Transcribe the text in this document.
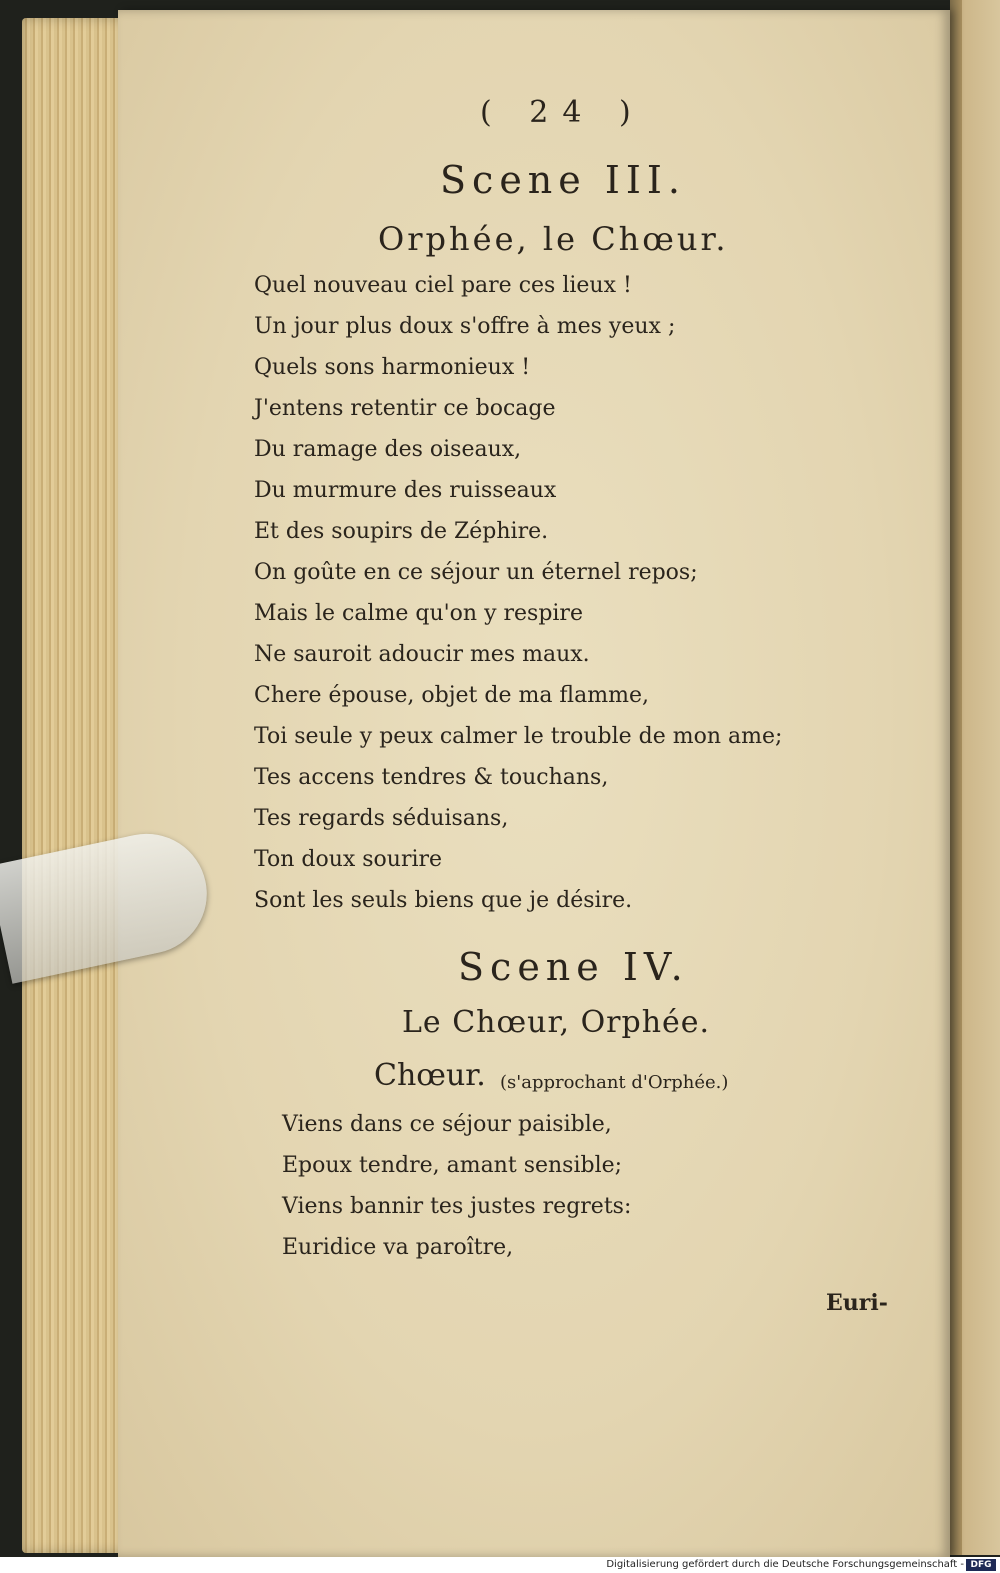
( 24 )
Scene III.
Orphée, le Chœur.
Quel nouveau ciel pare ces lieux !
Un jour plus doux s'offre à mes yeux ;
Quels sons harmonieux !
J'entens retentir ce bocage
Du ramage des oiseaux,
Du murmure des ruisseaux
Et des soupirs de Zéphire.
On goûte en ce séjour un éternel repos;
Mais le calme qu'on y respire
Ne sauroit adoucir mes maux.
Chere épouse, objet de ma flamme,
Toi seule y peux calmer le trouble de mon ame;
Tes accens tendres & touchans,
Tes regards séduisans,
Ton doux sourire
Sont les seuls biens que je désire.
Scene IV.
Le Chœur, Orphée.
Chœur. (s'approchant d'Orphée.)
Viens dans ce séjour paisible,
Epoux tendre, amant sensible;
Viens bannir tes justes regrets:
Euridice va paroître,
Euri-
Digitalisierung gefördert durch die Deutsche Forschungsgemeinschaft - DFG
